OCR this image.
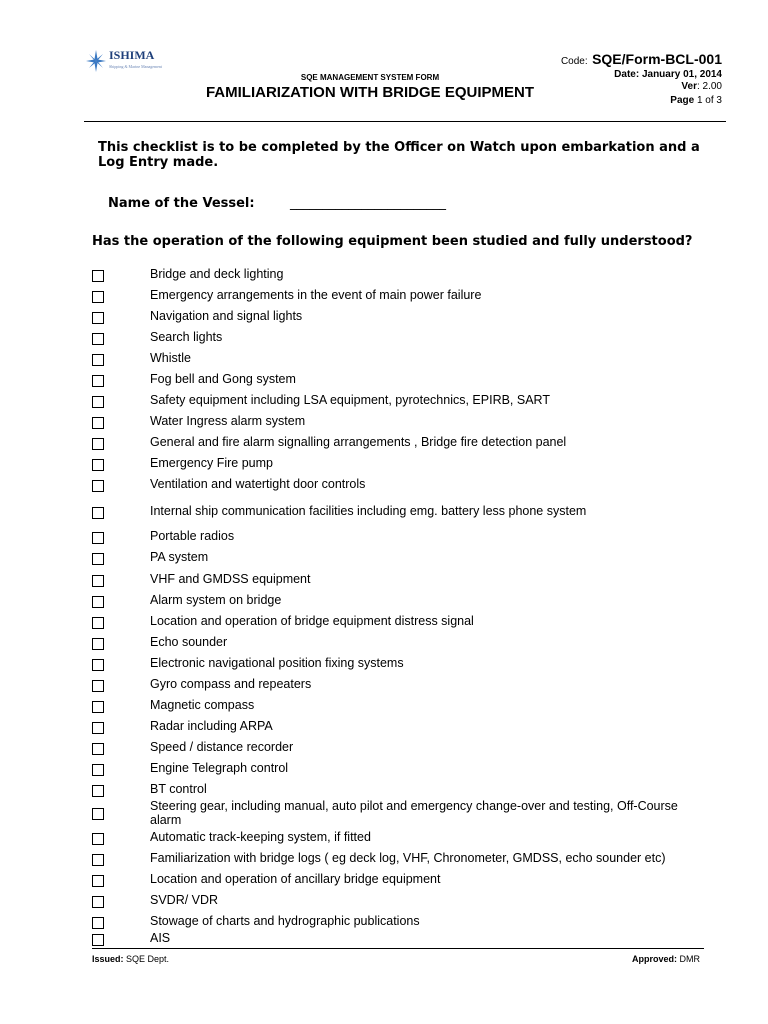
ISHIMA
Shipping & Marine Management	Code: SQE/Form-BCL-001
Date: January 01, 2014
Ver: 2.00
Page 1 of 3
SQE MANAGEMENT SYSTEM FORM
FAMILIARIZATION WITH BRIDGE EQUIPMENT
This checklist is to be completed by the Officer on Watch upon embarkation and a Log Entry made.
Name of the Vessel:	________________________
Has the operation of the following equipment been studied and fully understood?
Bridge and deck lighting
Emergency arrangements in the event of main power failure
Navigation and signal lights
Search lights
Whistle
Fog bell and Gong system
Safety equipment including LSA equipment, pyrotechnics, EPIRB, SART
Water Ingress alarm system
General and fire alarm signalling arrangements , Bridge fire detection panel
Emergency Fire pump
Ventilation and watertight door controls
Internal ship communication facilities including emg. battery less phone system
Portable radios
PA system
VHF and GMDSS equipment
Alarm system on bridge
Location and operation of bridge equipment distress signal
Echo sounder
Electronic navigational position fixing systems
Gyro compass and repeaters
Magnetic compass
Radar including ARPA
Speed / distance recorder
Engine Telegraph control
BT control
Steering gear, including manual, auto pilot and emergency change-over and testing, Off-Course alarm
Automatic track-keeping system, if fitted
Familiarization with bridge logs ( eg deck log, VHF, Chronometer, GMDSS, echo sounder etc)
Location and operation of ancillary bridge equipment
SVDR/ VDR
Stowage of charts and hydrographic publications
AIS
Issued: SQE Dept.	Approved: DMR
